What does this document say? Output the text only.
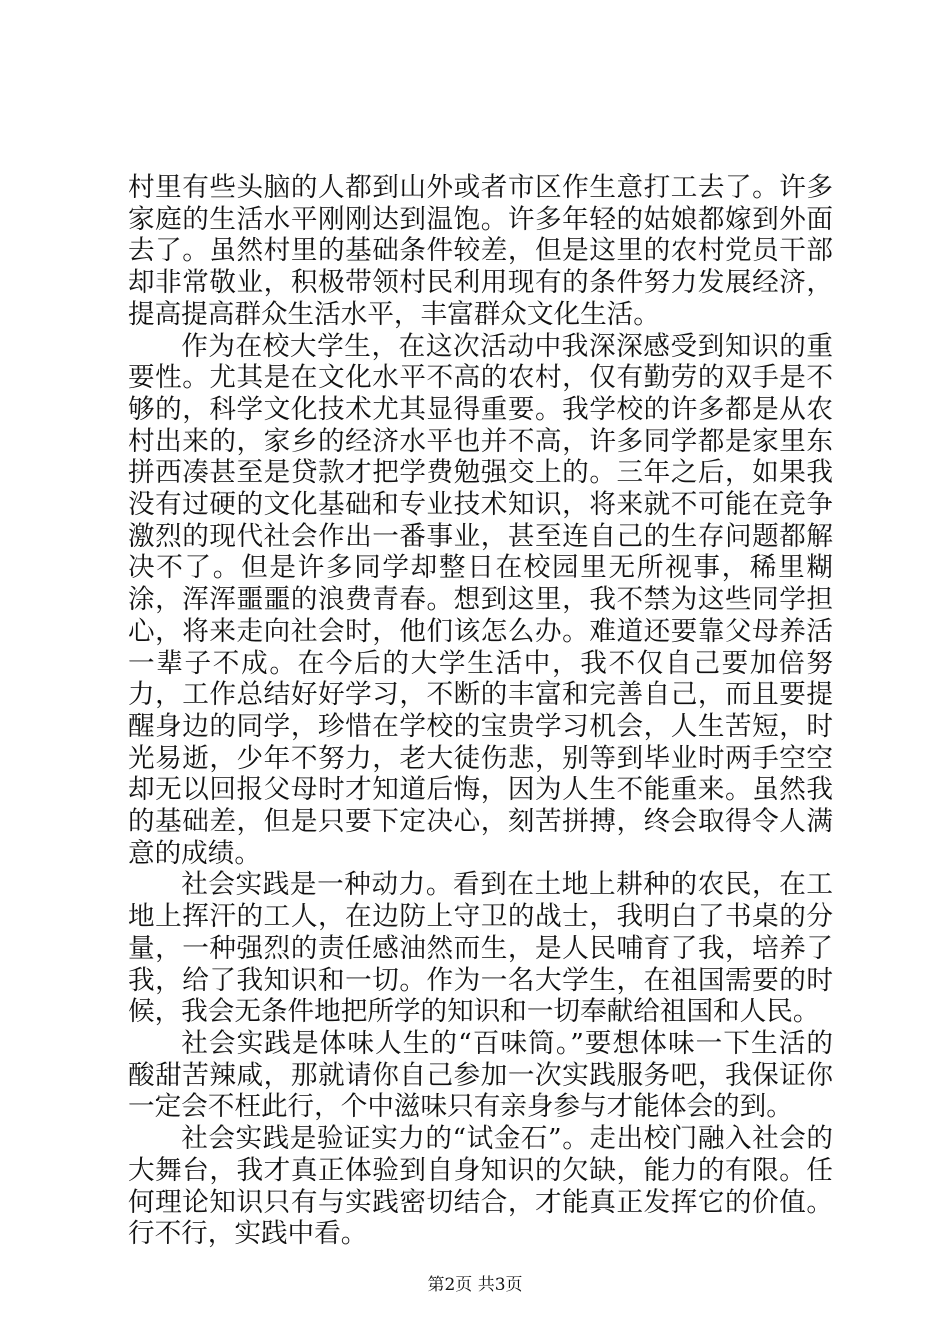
村里有些头脑的人都到山外或者市区作生意打工去了。许多家庭的生活水平刚刚达到温饱。许多年轻的姑娘都嫁到外面去了。虽然村里的基础条件较差，但是这里的农村党员干部却非常敬业，积极带领村民利用现有的条件努力发展经济，提高提高群众生活水平，丰富群众文化生活。

作为在校大学生，在这次活动中我深深感受到知识的重要性。尤其是在文化水平不高的农村，仅有勤劳的双手是不够的，科学文化技术尤其显得重要。我学校的许多都是从农村出来的，家乡的经济水平也并不高，许多同学都是家里东拼西凑甚至是贷款才把学费勉强交上的。三年之后，如果我没有过硬的文化基础和专业技术知识，将来就不可能在竞争激烈的现代社会作出一番事业，甚至连自己的生存问题都解决不了。但是许多同学却整日在校园里无所视事，稀里糊涂，浑浑噩噩的浪费青春。想到这里，我不禁为这些同学担心，将来走向社会时，他们该怎么办。难道还要靠父母养活一辈子不成。在今后的大学生活中，我不仅自己要加倍努力，工作总结好好学习，不断的丰富和完善自己，而且要提醒身边的同学，珍惜在学校的宝贵学习机会，人生苦短，时光易逝，少年不努力，老大徒伤悲，别等到毕业时两手空空却无以回报父母时才知道后悔，因为人生不能重来。虽然我的基础差，但是只要下定决心，刻苦拼搏，终会取得令人满意的成绩。

社会实践是一种动力。看到在土地上耕种的农民，在工地上挥汗的工人，在边防上守卫的战士，我明白了书桌的分量，一种强烈的责任感油然而生，是人民哺育了我，培养了我，给了我知识和一切。作为一名大学生，在祖国需要的时候，我会无条件地把所学的知识和一切奉献给祖国和人民。

社会实践是体味人生的“百味筒。”要想体味一下生活的酸甜苦辣咸，那就请你自己参加一次实践服务吧，我保证你一定会不枉此行，个中滋味只有亲身参与才能体会的到。

社会实践是验证实力的“试金石”。走出校门融入社会的大舞台，我才真正体验到自身知识的欠缺，能力的有限。任何理论知识只有与实践密切结合，才能真正发挥它的价值。行不行，实践中看。

第2页 共3页
